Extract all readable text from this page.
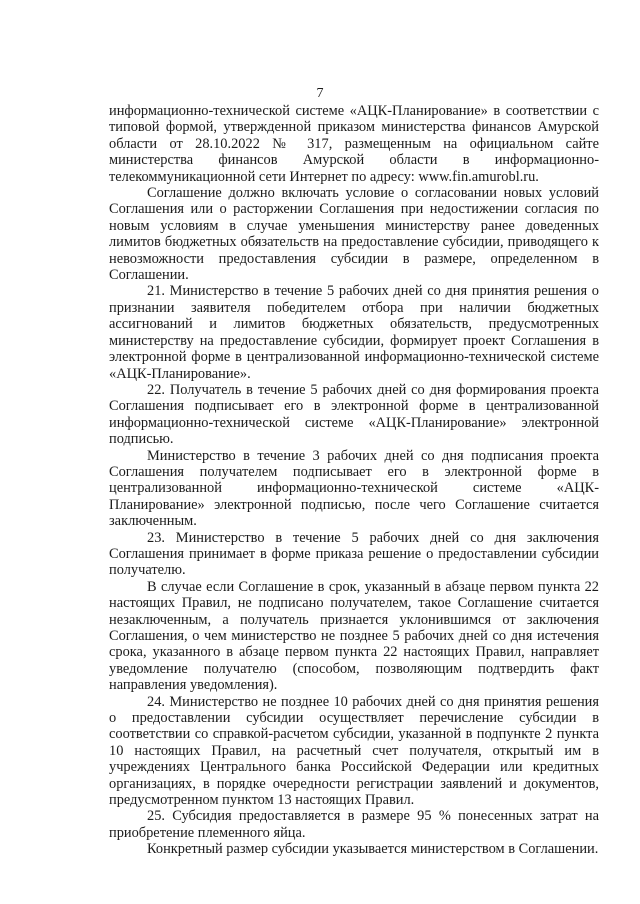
7

информационно-технической системе «АЦК-Планирование» в соответствии с типовой формой, утвержденной приказом министерства финансов Амурской области от 28.10.2022 № 317, размещенным на официальном сайте министерства финансов Амурской области в информационно-телекоммуникационной сети Интернет по адресу: www.fin.amurobl.ru.

Соглашение должно включать условие о согласовании новых условий Соглашения или о расторжении Соглашения при недостижении согласия по новым условиям в случае уменьшения министерству ранее доведенных лимитов бюджетных обязательств на предоставление субсидии, приводящего к невозможности предоставления субсидии в размере, определенном в Соглашении.

21. Министерство в течение 5 рабочих дней со дня принятия решения о признании заявителя победителем отбора при наличии бюджетных ассигнований и лимитов бюджетных обязательств, предусмотренных министерству на предоставление субсидии, формирует проект Соглашения в электронной форме в централизованной информационно-технической системе «АЦК-Планирование».

22. Получатель в течение 5 рабочих дней со дня формирования проекта Соглашения подписывает его в электронной форме в централизованной информационно-технической системе «АЦК-Планирование» электронной подписью.

Министерство в течение 3 рабочих дней со дня подписания проекта Соглашения получателем подписывает его в электронной форме в централизованной информационно-технической системе «АЦК-Планирование» электронной подписью, после чего Соглашение считается заключенным.

23. Министерство в течение 5 рабочих дней со дня заключения Соглашения принимает в форме приказа решение о предоставлении субсидии получателю.

В случае если Соглашение в срок, указанный в абзаце первом пункта 22 настоящих Правил, не подписано получателем, такое Соглашение считается незаключенным, а получатель признается уклонившимся от заключения Соглашения, о чем министерство не позднее 5 рабочих дней со дня истечения срока, указанного в абзаце первом пункта 22 настоящих Правил, направляет уведомление получателю (способом, позволяющим подтвердить факт направления уведомления).

24. Министерство не позднее 10 рабочих дней со дня принятия решения о предоставлении субсидии осуществляет перечисление субсидии в соответствии со справкой-расчетом субсидии, указанной в подпункте 2 пункта 10 настоящих Правил, на расчетный счет получателя, открытый им в учреждениях Центрального банка Российской Федерации или кредитных организациях, в порядке очередности регистрации заявлений и документов, предусмотренном пунктом 13 настоящих Правил.

25. Субсидия предоставляется в размере 95 % понесенных затрат на приобретение племенного яйца.

Конкретный размер субсидии указывается министерством в Соглашении.
